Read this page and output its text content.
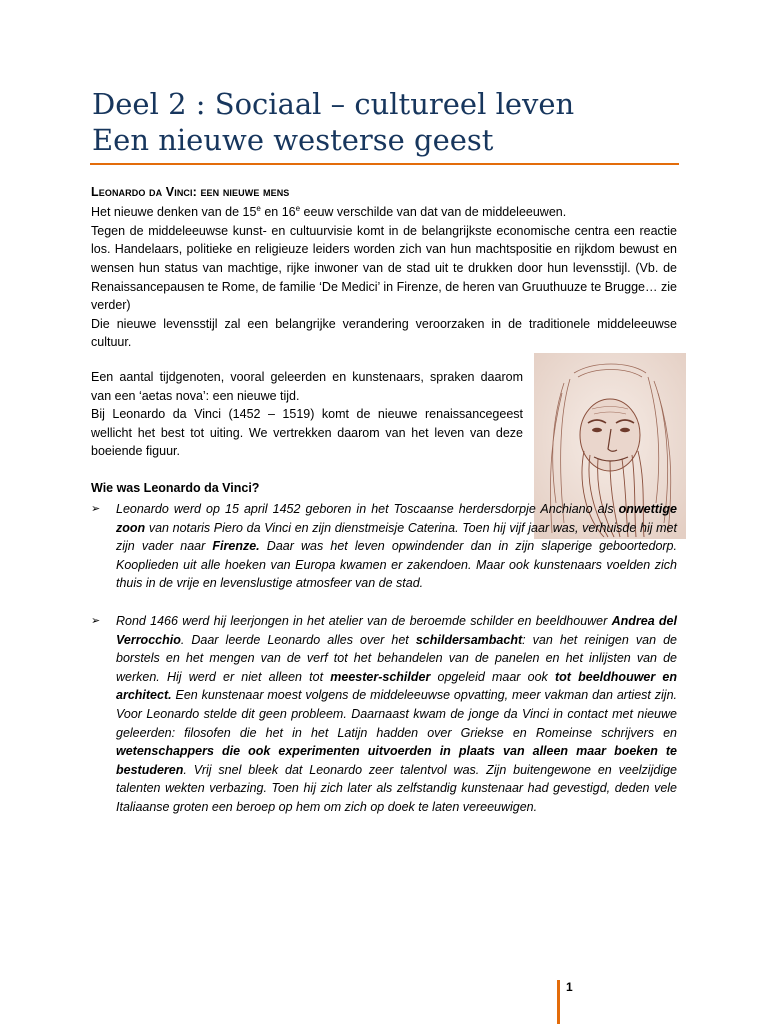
Deel 2 : Sociaal – cultureel leven
Een nieuwe westerse geest

Leonardo da Vinci: een nieuwe mens

Het nieuwe denken van de 15e en 16e eeuw verschilde van dat van de middeleeuwen.

Tegen de middeleeuwse kunst- en cultuurvisie komt in de belangrijkste economische centra een reactie los. Handelaars, politieke en religieuze leiders worden zich van hun machtspositie en rijkdom bewust en wensen hun status van machtige, rijke inwoner van de stad uit te drukken door hun levensstijl. (Vb. de Renaissancepausen te Rome, de familie ‘De Medici’ in Firenze, de heren van Gruuthuuze te Brugge… zie verder)

Die nieuwe levensstijl zal een belangrijke verandering veroorzaken in de traditionele middeleeuwse cultuur.

Een aantal tijdgenoten, vooral geleerden en kunstenaars, spraken daarom van een ‘aetas nova’: een nieuwe tijd.

Bij Leonardo da Vinci (1452 – 1519) komt de nieuwe renaissancegeest wellicht het best tot uiting. We vertrekken daarom van het leven van deze boeiende figuur.

Wie was Leonardo da Vinci?

➢ Leonardo werd op 15 april 1452 geboren in het Toscaanse herdersdorpje Anchiano als onwettige zoon van notaris Piero da Vinci en zijn dienstmeisje Caterina. Toen hij vijf jaar was, verhuisde hij met zijn vader naar Firenze. Daar was het leven opwindender dan in zijn slaperige geboortedorp. Kooplieden uit alle hoeken van Europa kwamen er zakendoen. Maar ook kunstenaars voelden zich thuis in de vrije en levenslustige atmosfeer van de stad.
➢ Rond 1466 werd hij leerjongen in het atelier van de beroemde schilder en beeldhouwer Andrea del Verrocchio. Daar leerde Leonardo alles over het schildersambacht: van het reinigen van de borstels en het mengen van de verf tot het behandelen van de panelen en het inlijsten van de werken. Hij werd er niet alleen tot meester-schilder opgeleid maar ook tot beeldhouwer en architect. Een kunstenaar moest volgens de middeleeuwse opvatting, meer vakman dan artiest zijn. Voor Leonardo stelde dit geen probleem. Daarnaast kwam de jonge da Vinci in contact met nieuwe geleerden: filosofen die het in het Latijn hadden over Griekse en Romeinse schrijvers en wetenschappers die ook experimenten uitvoerden in plaats van alleen maar boeken te bestuderen. Vrij snel bleek dat Leonardo zeer talentvol was. Zijn buitengewone en veelzijdige talenten wekten verbazing. Toen hij zich later als zelfstandig kunstenaar had gevestigd, deden vele Italiaanse groten een beroep op hem om zich op doek te laten vereeuwigen.
1
